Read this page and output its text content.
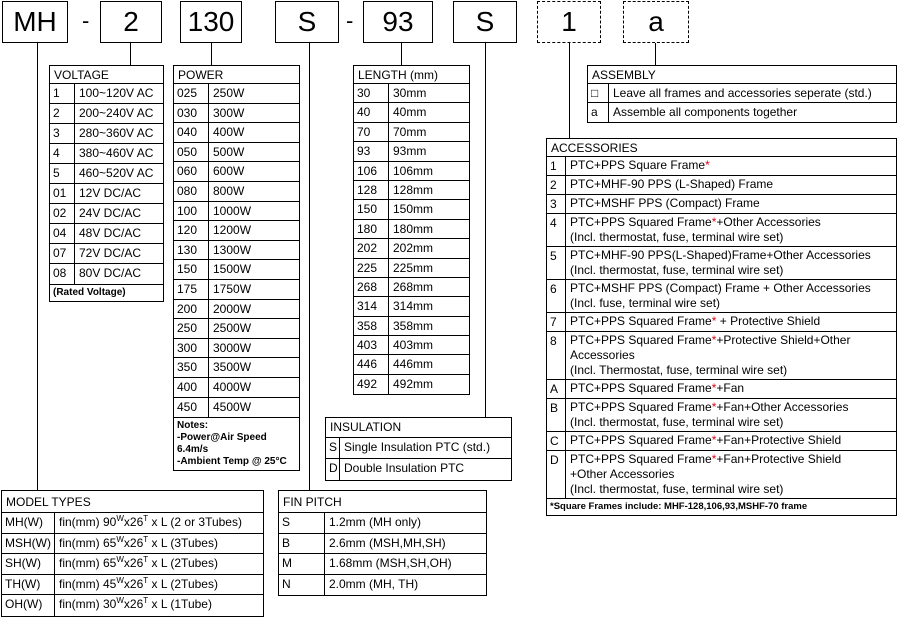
MH - 2 130 S - 93 S 1	a
VOLTAGE
1	100~120V AC
2	200~240V AC
3	280~360V AC
4	380~460V AC
5	460~520V AC
01	12V DC/AC
02	24V DC/AC
04	48V DC/AC
07	72V DC/AC
08	80V DC/AC
(Rated Voltage)
POWER
025	250W
030	300W
040	400W
050	500W
060	600W
080	800W
100	1000W
120	1200W
130	1300W
150	1500W
175	1750W
200	2000W
250	2500W
300	3000W
350	3500W
400	4000W
450	4500W
Notes:
-Power@Air Speed
6.4m/s
-Ambient Temp @ 25°C
LENGTH (mm)
30	30mm
40	40mm
70	70mm
93	93mm
106	106mm
128	128mm
150	150mm
180	180mm
202	202mm
225	225mm
268	268mm
314	314mm
358	358mm
403	403mm
446	446mm
492	492mm
INSULATION
S Single Insulation PTC (std.)
D Double Insulation PTC
ASSEMBLY
□	Leave all frames and accessories seperate (std.)
a	Assemble all components together
ACCESSORIES
1	PTC+PPS Square Frame*
2	PTC+MHF-90 PPS (L-Shaped) Frame
3	PTC+MSHF PPS (Compact) Frame
4	PTC+PPS Squared Frame*+Other Accessories
(Incl. thermostat, fuse, terminal wire set)
5	PTC+MHF-90 PPS(L-Shaped)Frame+Other Accessories
(Incl. thermostat, fuse, terminal wire set)
6	PTC+MSHF PPS (Compact) Frame + Other Accessories
(Incl. fuse, terminal wire set)
7	PTC+PPS Squared Frame* + Protective Shield
8	PTC+PPS Squared Frame*+Protective Shield+Other
Accessories
(Incl. Thermostat, fuse, terminal wire set)
A PTC+PPS Squared Frame*+Fan
B PTC+PPS Squared Frame*+Fan+Other Accessories
(Incl. thermostat, fuse, terminal wire set)
C PTC+PPS Squared Frame*+Fan+Protective Shield
D PTC+PPS Squared Frame*+Fan+Protective Shield
+Other Accessories
(Incl. thermostat, fuse, terminal wire set)
*Square Frames include: MHF-128,106,93,MSHF-70 frame
MODEL TYPES
MH(W)	fin(mm) $90^Wx26^T$ x L (2 or 3Tubes)
MSH(W) fin(mm) $65^Wx26^T$ x L (3Tubes)
SH(W)	fin(mm) $65^Wx26^T$ x L (2Tubes)
TH(W)	fin(mm) $45^Wx26^T$ x L (2Tubes)
OH(W)	fin(mm) $30^Wx26^T$ x L (1Tube)
FIN PITCH
S	1.2mm (MH only)
B	2.6mm (MSH,MH,SH)
M	1.68mm (MSH,SH,OH)
N	2.0mm (MH, TH)
